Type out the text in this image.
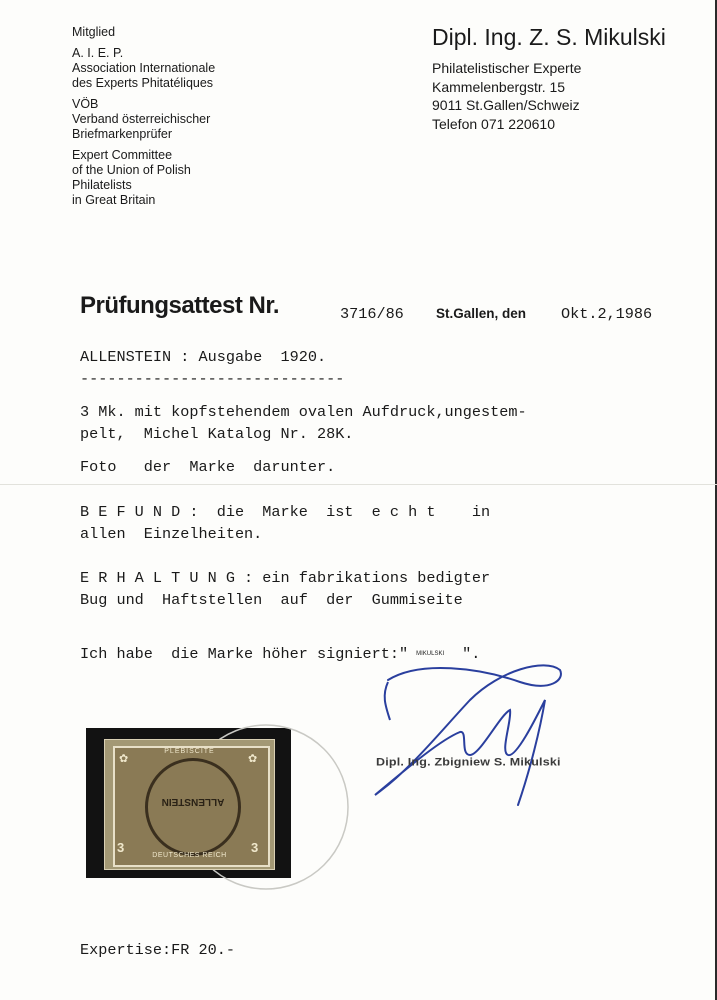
Mitglied

A. I. E. P.

Association Internationale

des Experts Phitatéliques

VÖB

Verband österreichischer

Briefmarkenprüfer

Expert Committee

of the Union of Polish

Philatelists

in Great Britain

Dipl. Ing. Z. S. Mikulski

Philatelistischer Experte

Kammelenbergstr. 15

9011 St.Gallen/Schweiz

Telefon 071 220610

Prüfungsattest Nr.	3716/86 St.Gallen, den Okt.2,1986
ALLENSTEIN : Ausgabe  1920.
-----------------------------
3 Mk. mit kopfstehendem ovalen Aufdruck,ungestem-
pelt,  Michel Katalog Nr. 28K.
Foto   der  Marke  darunter.
B E F U N D :  die  Marke  ist  e c h t    in
allen  Einzelheiten.
E R H A L T U N G : ein fabrikations bedigter
Bug und  Haftstellen  auf  der  Gummiseite
Ich habe  die Marke höher signiert:" MIKULSKI ".
Dipl. Ing. Zbigniew S. Mikulski
PLÉBISCITE
ALLENSTEIN
DEUTSCHES REICH
3	3
✿	✿
Expertise:FR 20.-
